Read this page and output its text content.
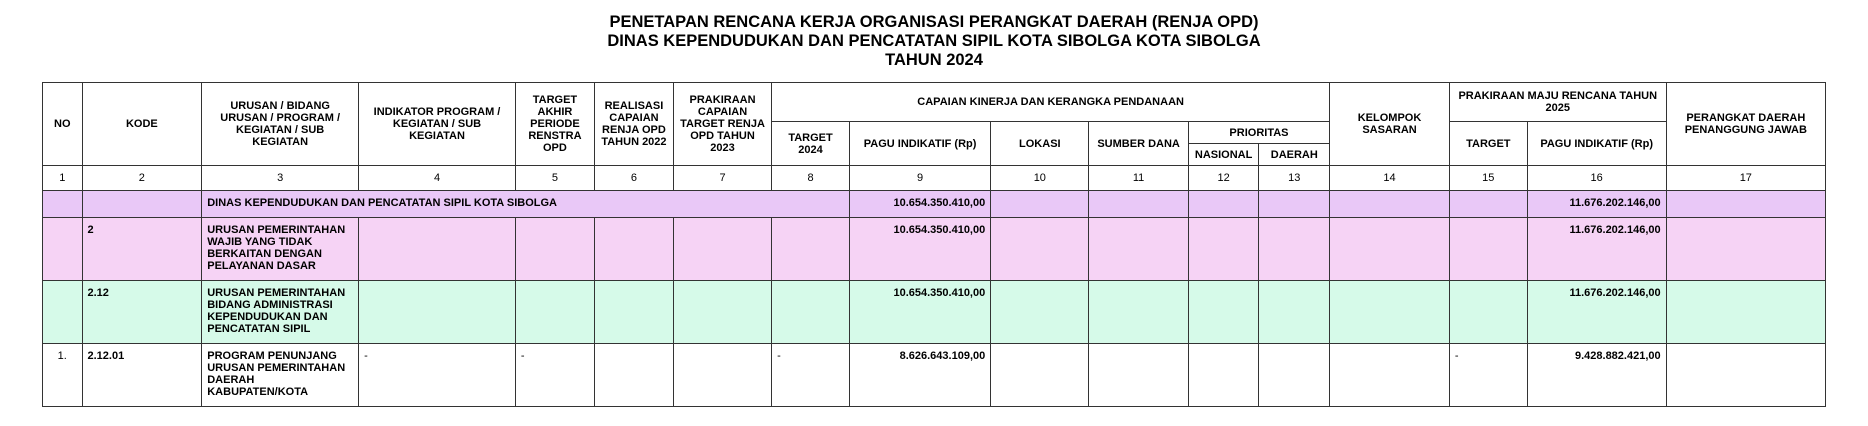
PENETAPAN RENCANA KERJA ORGANISASI PERANGKAT DAERAH (RENJA OPD)
DINAS KEPENDUDUKAN DAN PENCATATAN SIPIL KOTA SIBOLGA KOTA SIBOLGA
TAHUN 2024
NO	KODE	URUSAN / BIDANG URUSAN / PROGRAM / KEGIATAN / SUB KEGIATAN	INDIKATOR PROGRAM / KEGIATAN / SUB KEGIATAN	TARGET AKHIR PERIODE RENSTRA OPD	REALISASI CAPAIAN RENJA OPD TAHUN 2022	PRAKIRAAN CAPAIAN TARGET RENJA OPD TAHUN 2023	CAPAIAN KINERJA DAN KERANGKA PENDANAAN						KELOMPOK SASARAN	PRAKIRAAN MAJU RENCANA TAHUN 2025		PERANGKAT DAERAH PENANGGUNG JAWAB
							TARGET 2024	PAGU INDIKATIF (Rp)	LOKASI	SUMBER DANA	PRIORITAS			TARGET	PAGU INDIKATIF (Rp)	
											NASIONAL	DAERAH				
1	2	3	4	5	6	7	8	9	10	11	12	13	14	15	16	17
		DINAS KEPENDUDUKAN DAN PENCATATAN SIPIL KOTA SIBOLGA						10.654.350.410,00							11.676.202.146,00	
	2	URUSAN PEMERINTAHAN WAJIB YANG TIDAK BERKAITAN DENGAN PELAYANAN DASAR						10.654.350.410,00							11.676.202.146,00	
	2.12	URUSAN PEMERINTAHAN BIDANG ADMINISTRASI KEPENDUDUKAN DAN PENCATATAN SIPIL						10.654.350.410,00							11.676.202.146,00	
1.	2.12.01	PROGRAM PENUNJANG URUSAN PEMERINTAHAN DAERAH KABUPATEN/KOTA	-	-			-	8.626.643.109,00						-	9.428.882.421,00	
